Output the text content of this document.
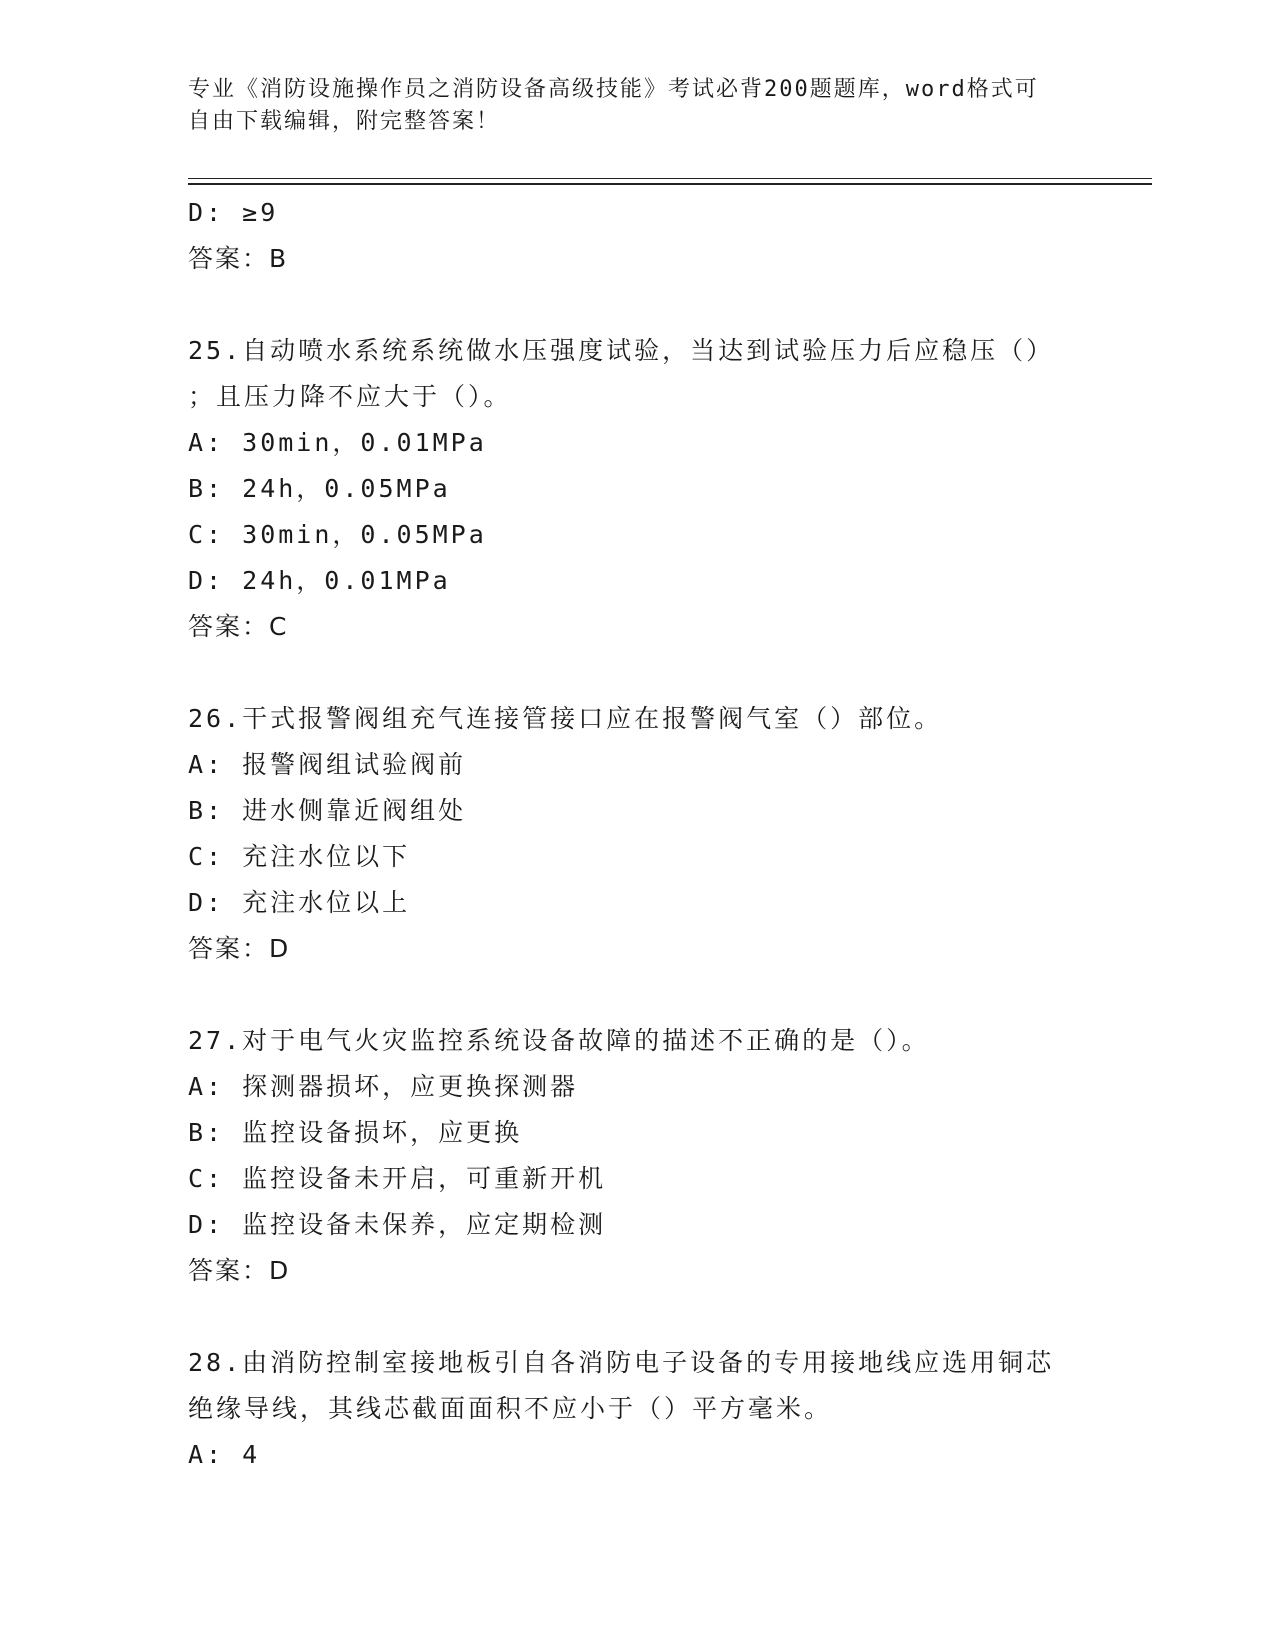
专业《消防设施操作员之消防设备高级技能》考试必背200题题库，word格式可
自由下载编辑，附完整答案！
D: ≥9
答案：B
25.自动喷水系统系统做水压强度试验，当达到试验压力后应稳压（）
；且压力降不应大于（）。
A: 30min，0.01MPa
B: 24h，0.05MPa
C: 30min，0.05MPa
D: 24h，0.01MPa
答案：C
26.干式报警阀组充气连接管接口应在报警阀气室（）部位。
A: 报警阀组试验阀前
B: 进水侧靠近阀组处
C: 充注水位以下
D: 充注水位以上
答案：D
27.对于电气火灾监控系统设备故障的描述不正确的是（）。
A: 探测器损坏，应更换探测器
B: 监控设备损坏，应更换
C: 监控设备未开启，可重新开机
D: 监控设备未保养，应定期检测
答案：D
28.由消防控制室接地板引自各消防电子设备的专用接地线应选用铜芯
绝缘导线，其线芯截面面积不应小于（）平方毫米。
A: 4
